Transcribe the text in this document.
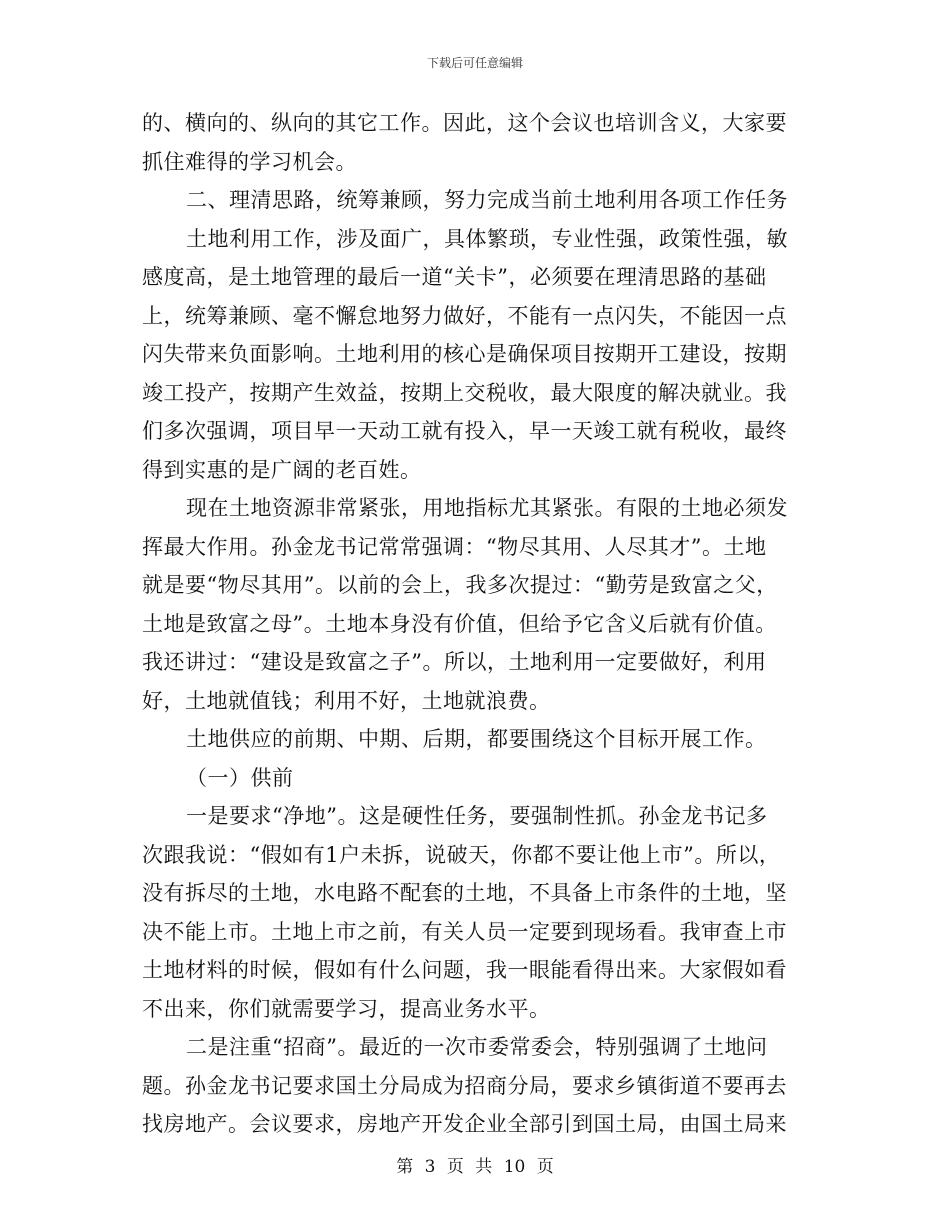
下载后可任意编辑
的、横向的、纵向的其它工作。因此，这个会议也培训含义，大家要
抓住难得的学习机会。
二、理清思路，统筹兼顾，努力完成当前土地利用各项工作任务
土地利用工作，涉及面广，具体繁琐，专业性强，政策性强，敏
感度高，是土地管理的最后一道“关卡”，必须要在理清思路的基础
上，统筹兼顾、毫不懈怠地努力做好，不能有一点闪失，不能因一点
闪失带来负面影响。土地利用的核心是确保项目按期开工建设，按期
竣工投产，按期产生效益，按期上交税收，最大限度的解决就业。我
们多次强调，项目早一天动工就有投入，早一天竣工就有税收，最终
得到实惠的是广阔的老百姓。
现在土地资源非常紧张，用地指标尤其紧张。有限的土地必须发
挥最大作用。孙金龙书记常常强调：“物尽其用、人尽其才”。土地
就是要“物尽其用”。以前的会上，我多次提过：“勤劳是致富之父，
土地是致富之母”。土地本身没有价值，但给予它含义后就有价值。
我还讲过：“建设是致富之子”。所以，土地利用一定要做好，利用
好，土地就值钱；利用不好，土地就浪费。
土地供应的前期、中期、后期，都要围绕这个目标开展工作。
（一）供前
一是要求“净地”。这是硬性任务，要强制性抓。孙金龙书记多
次跟我说：“假如有1户未拆，说破天，你都不要让他上市”。所以，
没有拆尽的土地，水电路不配套的土地，不具备上市条件的土地，坚
决不能上市。土地上市之前，有关人员一定要到现场看。我审查上市
土地材料的时候，假如有什么问题，我一眼能看得出来。大家假如看
不出来，你们就需要学习，提高业务水平。
二是注重“招商”。最近的一次市委常委会，特别强调了土地问
题。孙金龙书记要求国土分局成为招商分局，要求乡镇街道不要再去
找房地产。会议要求，房地产开发企业全部引到国土局，由国土局来
第 3 页 共 10 页
